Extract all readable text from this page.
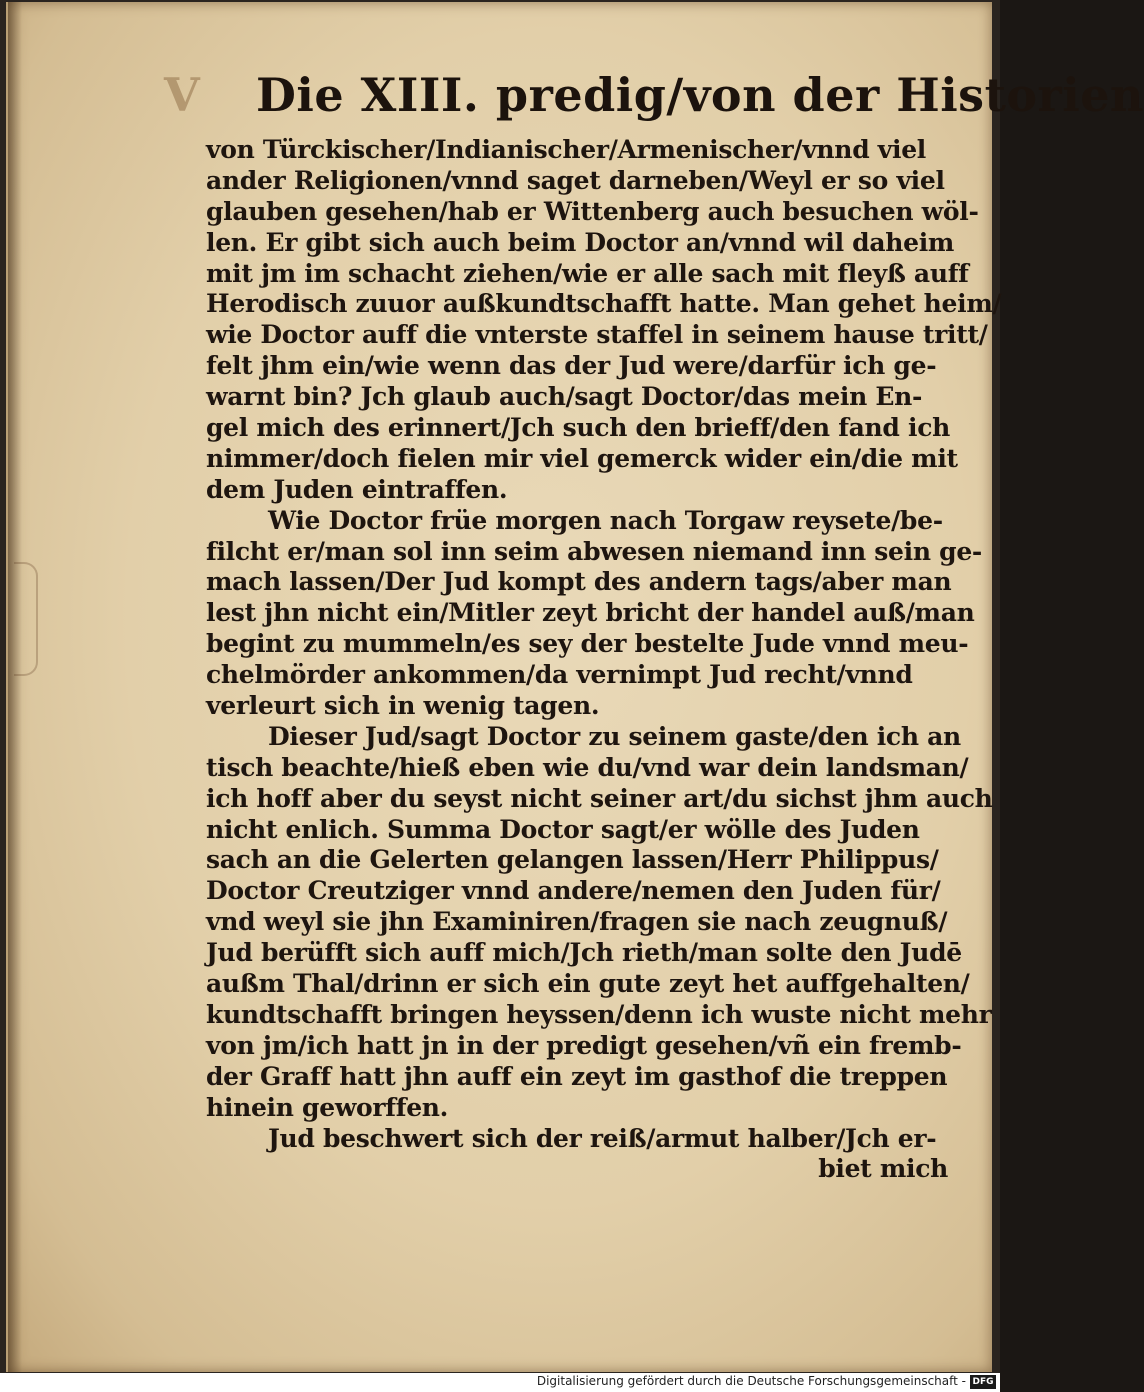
V Die XIII. predig/von der Historien
von Türckischer/Indianischer/Armenischer/vnnd viel
ander Religionen/vnnd saget darneben/Weyl er so viel
glauben gesehen/hab er Wittenberg auch besuchen wöl-
len. Er gibt sich auch beim Doctor an/vnnd wil daheim
mit jm im schacht ziehen/wie er alle sach mit fleyß auff
Herodisch zuuor außkundtschafft hatte. Man gehet heim/
wie Doctor auff die vnterste staffel in seinem hause tritt/
felt jhm ein/wie wenn das der Jud were/darfür ich ge-
warnt bin? Jch glaub auch/sagt Doctor/das mein En-
gel mich des erinnert/Jch such den brieff/den fand ich
nimmer/doch fielen mir viel gemerck wider ein/die mit
dem Juden eintraffen.
Wie Doctor früe morgen nach Torgaw reysete/be-
filcht er/man sol inn seim abwesen niemand inn sein ge-
mach lassen/Der Jud kompt des andern tags/aber man
lest jhn nicht ein/Mitler zeyt bricht der handel auß/man
begint zu mummeln/es sey der bestelte Jude vnnd meu-
chelmörder ankommen/da vernimpt Jud recht/vnnd
verleurt sich in wenig tagen.
Dieser Jud/sagt Doctor zu seinem gaste/den ich an
tisch beachte/hieß eben wie du/vnd war dein landsman/
ich hoff aber du seyst nicht seiner art/du sichst jhm auch
nicht enlich. Summa Doctor sagt/er wölle des Juden
sach an die Gelerten gelangen lassen/Herr Philippus/
Doctor Creutziger vnnd andere/nemen den Juden für/
vnd weyl sie jhn Examiniren/fragen sie nach zeugnuß/
Jud berüfft sich auff mich/Jch rieth/man solte den Judē
außm Thal/drinn er sich ein gute zeyt het auffgehalten/
kundtschafft bringen heyssen/denn ich wuste nicht mehr
von jm/ich hatt jn in der predigt gesehen/vñ ein fremb-
der Graff hatt jhn auff ein zeyt im gasthof die treppen
hinein geworffen.
Jud beschwert sich der reiß/armut halber/Jch er-
biet mich
Digitalisierung gefördert durch die Deutsche Forschungsgemeinschaft - DFG
